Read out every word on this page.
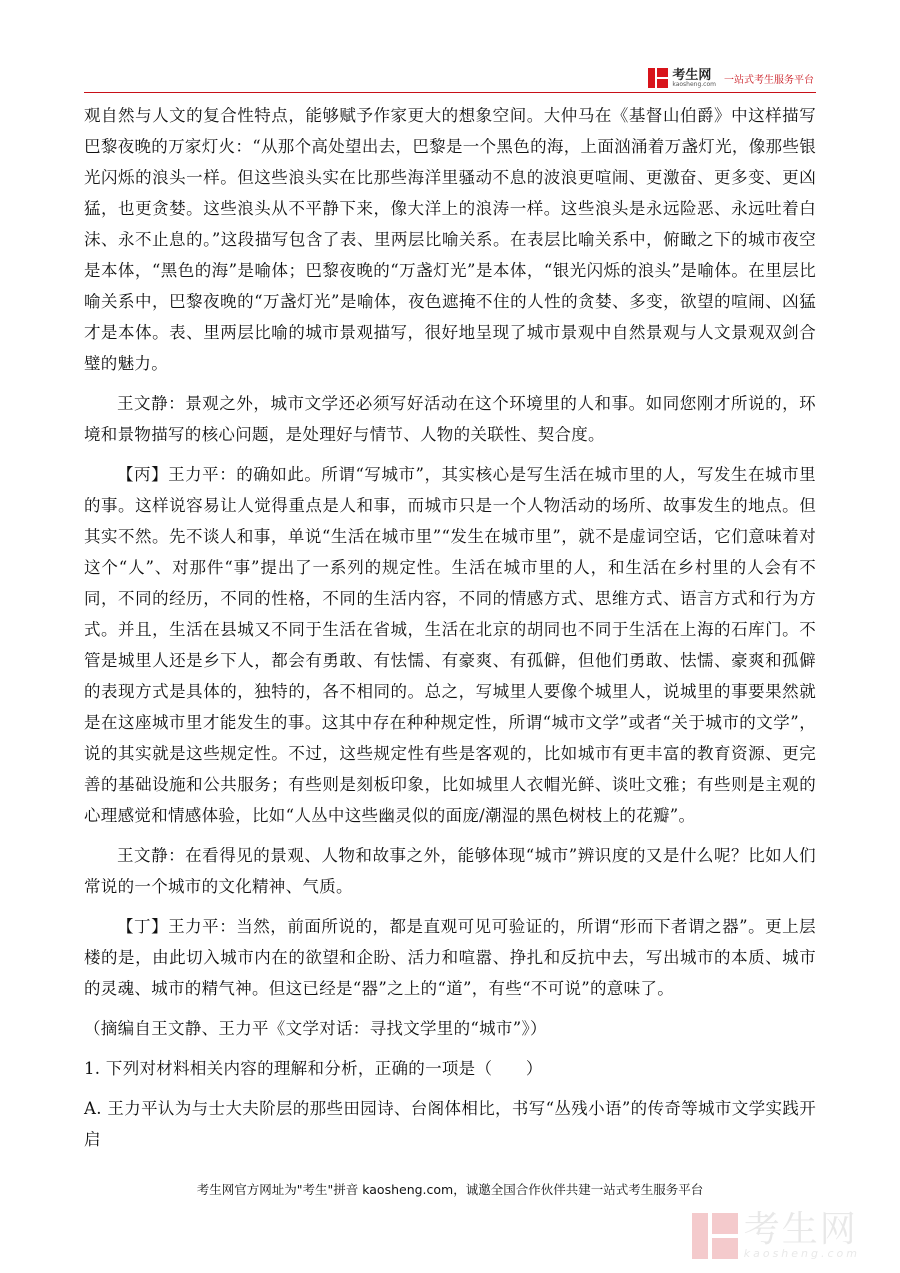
考生网
kaosheng.com 一站式考生服务平台

观自然与人文的复合性特点，能够赋予作家更大的想象空间。大仲马在《基督山伯爵》中这样描写巴黎夜晚的万家灯火：“从那个高处望出去，巴黎是一个黑色的海，上面汹涌着万盏灯光，像那些银光闪烁的浪头一样。但这些浪头实在比那些海洋里骚动不息的波浪更喧闹、更激奋、更多变、更凶猛，也更贪婪。这些浪头从不平静下来，像大洋上的浪涛一样。这些浪头是永远险恶、永远吐着白沫、永不止息的。”这段描写包含了表、里两层比喻关系。在表层比喻关系中，俯瞰之下的城市夜空是本体，“黑色的海”是喻体；巴黎夜晚的“万盏灯光”是本体，“银光闪烁的浪头”是喻体。在里层比喻关系中，巴黎夜晚的“万盏灯光”是喻体，夜色遮掩不住的人性的贪婪、多变，欲望的喧闹、凶猛才是本体。表、里两层比喻的城市景观描写，很好地呈现了城市景观中自然景观与人文景观双剑合璧的魅力。

王文静：景观之外，城市文学还必须写好活动在这个环境里的人和事。如同您刚才所说的，环境和景物描写的核心问题，是处理好与情节、人物的关联性、契合度。

【丙】王力平：的确如此。所谓“写城市”，其实核心是写生活在城市里的人，写发生在城市里的事。这样说容易让人觉得重点是人和事，而城市只是一个人物活动的场所、故事发生的地点。但其实不然。先不谈人和事，单说“生活在城市里”“发生在城市里”，就不是虚词空话，它们意味着对这个“人”、对那件“事”提出了一系列的规定性。生活在城市里的人，和生活在乡村里的人会有不同，不同的经历，不同的性格，不同的生活内容，不同的情感方式、思维方式、语言方式和行为方式。并且，生活在县城又不同于生活在省城，生活在北京的胡同也不同于生活在上海的石库门。不管是城里人还是乡下人，都会有勇敢、有怯懦、有豪爽、有孤僻，但他们勇敢、怯懦、豪爽和孤僻的表现方式是具体的，独特的，各不相同的。总之，写城里人要像个城里人，说城里的事要果然就是在这座城市里才能发生的事。这其中存在种种规定性，所谓“城市文学”或者“关于城市的文学”，说的其实就是这些规定性。不过，这些规定性有些是客观的，比如城市有更丰富的教育资源、更完善的基础设施和公共服务；有些则是刻板印象，比如城里人衣帽光鲜、谈吐文雅；有些则是主观的心理感觉和情感体验，比如“人丛中这些幽灵似的面庞/潮湿的黑色树枝上的花瓣”。

王文静：在看得见的景观、人物和故事之外，能够体现“城市”辨识度的又是什么呢？比如人们常说的一个城市的文化精神、气质。

【丁】王力平：当然，前面所说的，都是直观可见可验证的，所谓“形而下者谓之器”。更上层楼的是，由此切入城市内在的欲望和企盼、活力和喧嚣、挣扎和反抗中去，写出城市的本质、城市的灵魂、城市的精气神。但这已经是“器”之上的“道”，有些“不可说”的意味了。

（摘编自王文静、王力平《文学对话：寻找文学里的“城市”》）

1. 下列对材料相关内容的理解和分析，正确的一项是（　　）

A. 王力平认为与士大夫阶层的那些田园诗、台阁体相比，书写“丛残小语”的传奇等城市文学实践开启

考生网官方网址为"考生"拼音 kaosheng.com，诚邀全国合作伙伴共建一站式考生服务平台
考生网
kaosheng.com
